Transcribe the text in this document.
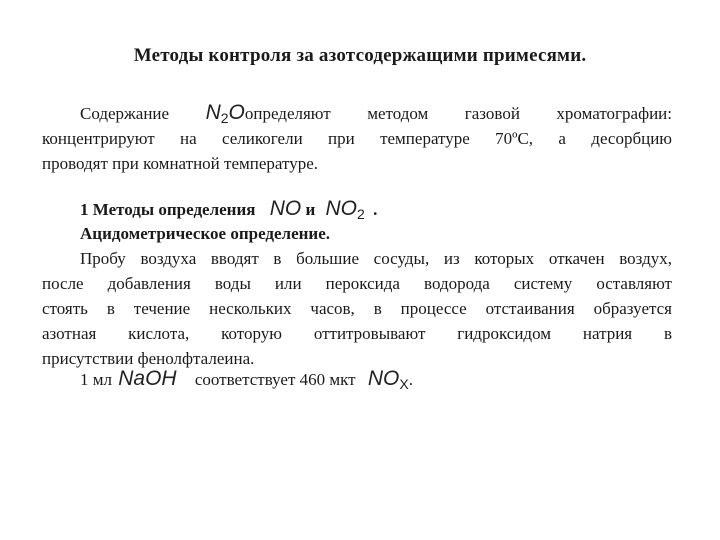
Методы контроля за азотсодержащими примесями.
Содержание $N_2Oопределяют$ методом газовой хроматографии:
концентрируют на селикогели при температуре 70ºС, а десорбцию
проводят при комнатной температуре.
1 Методы определения NO и $NO_2$ .
Ацидометрическое определение.
Пробу воздуха вводят в большие сосуды, из которых откачен воздух,
после добавления воды или пероксида водорода систему оставляют
стоять в течение нескольких часов, в процессе отстаивания образуется
азотная кислота, которую оттитровывают гидроксидом натрия в
присутствии фенолфталеина.
1 мл NaOH соответствует 460 мкт $NO_X$.
